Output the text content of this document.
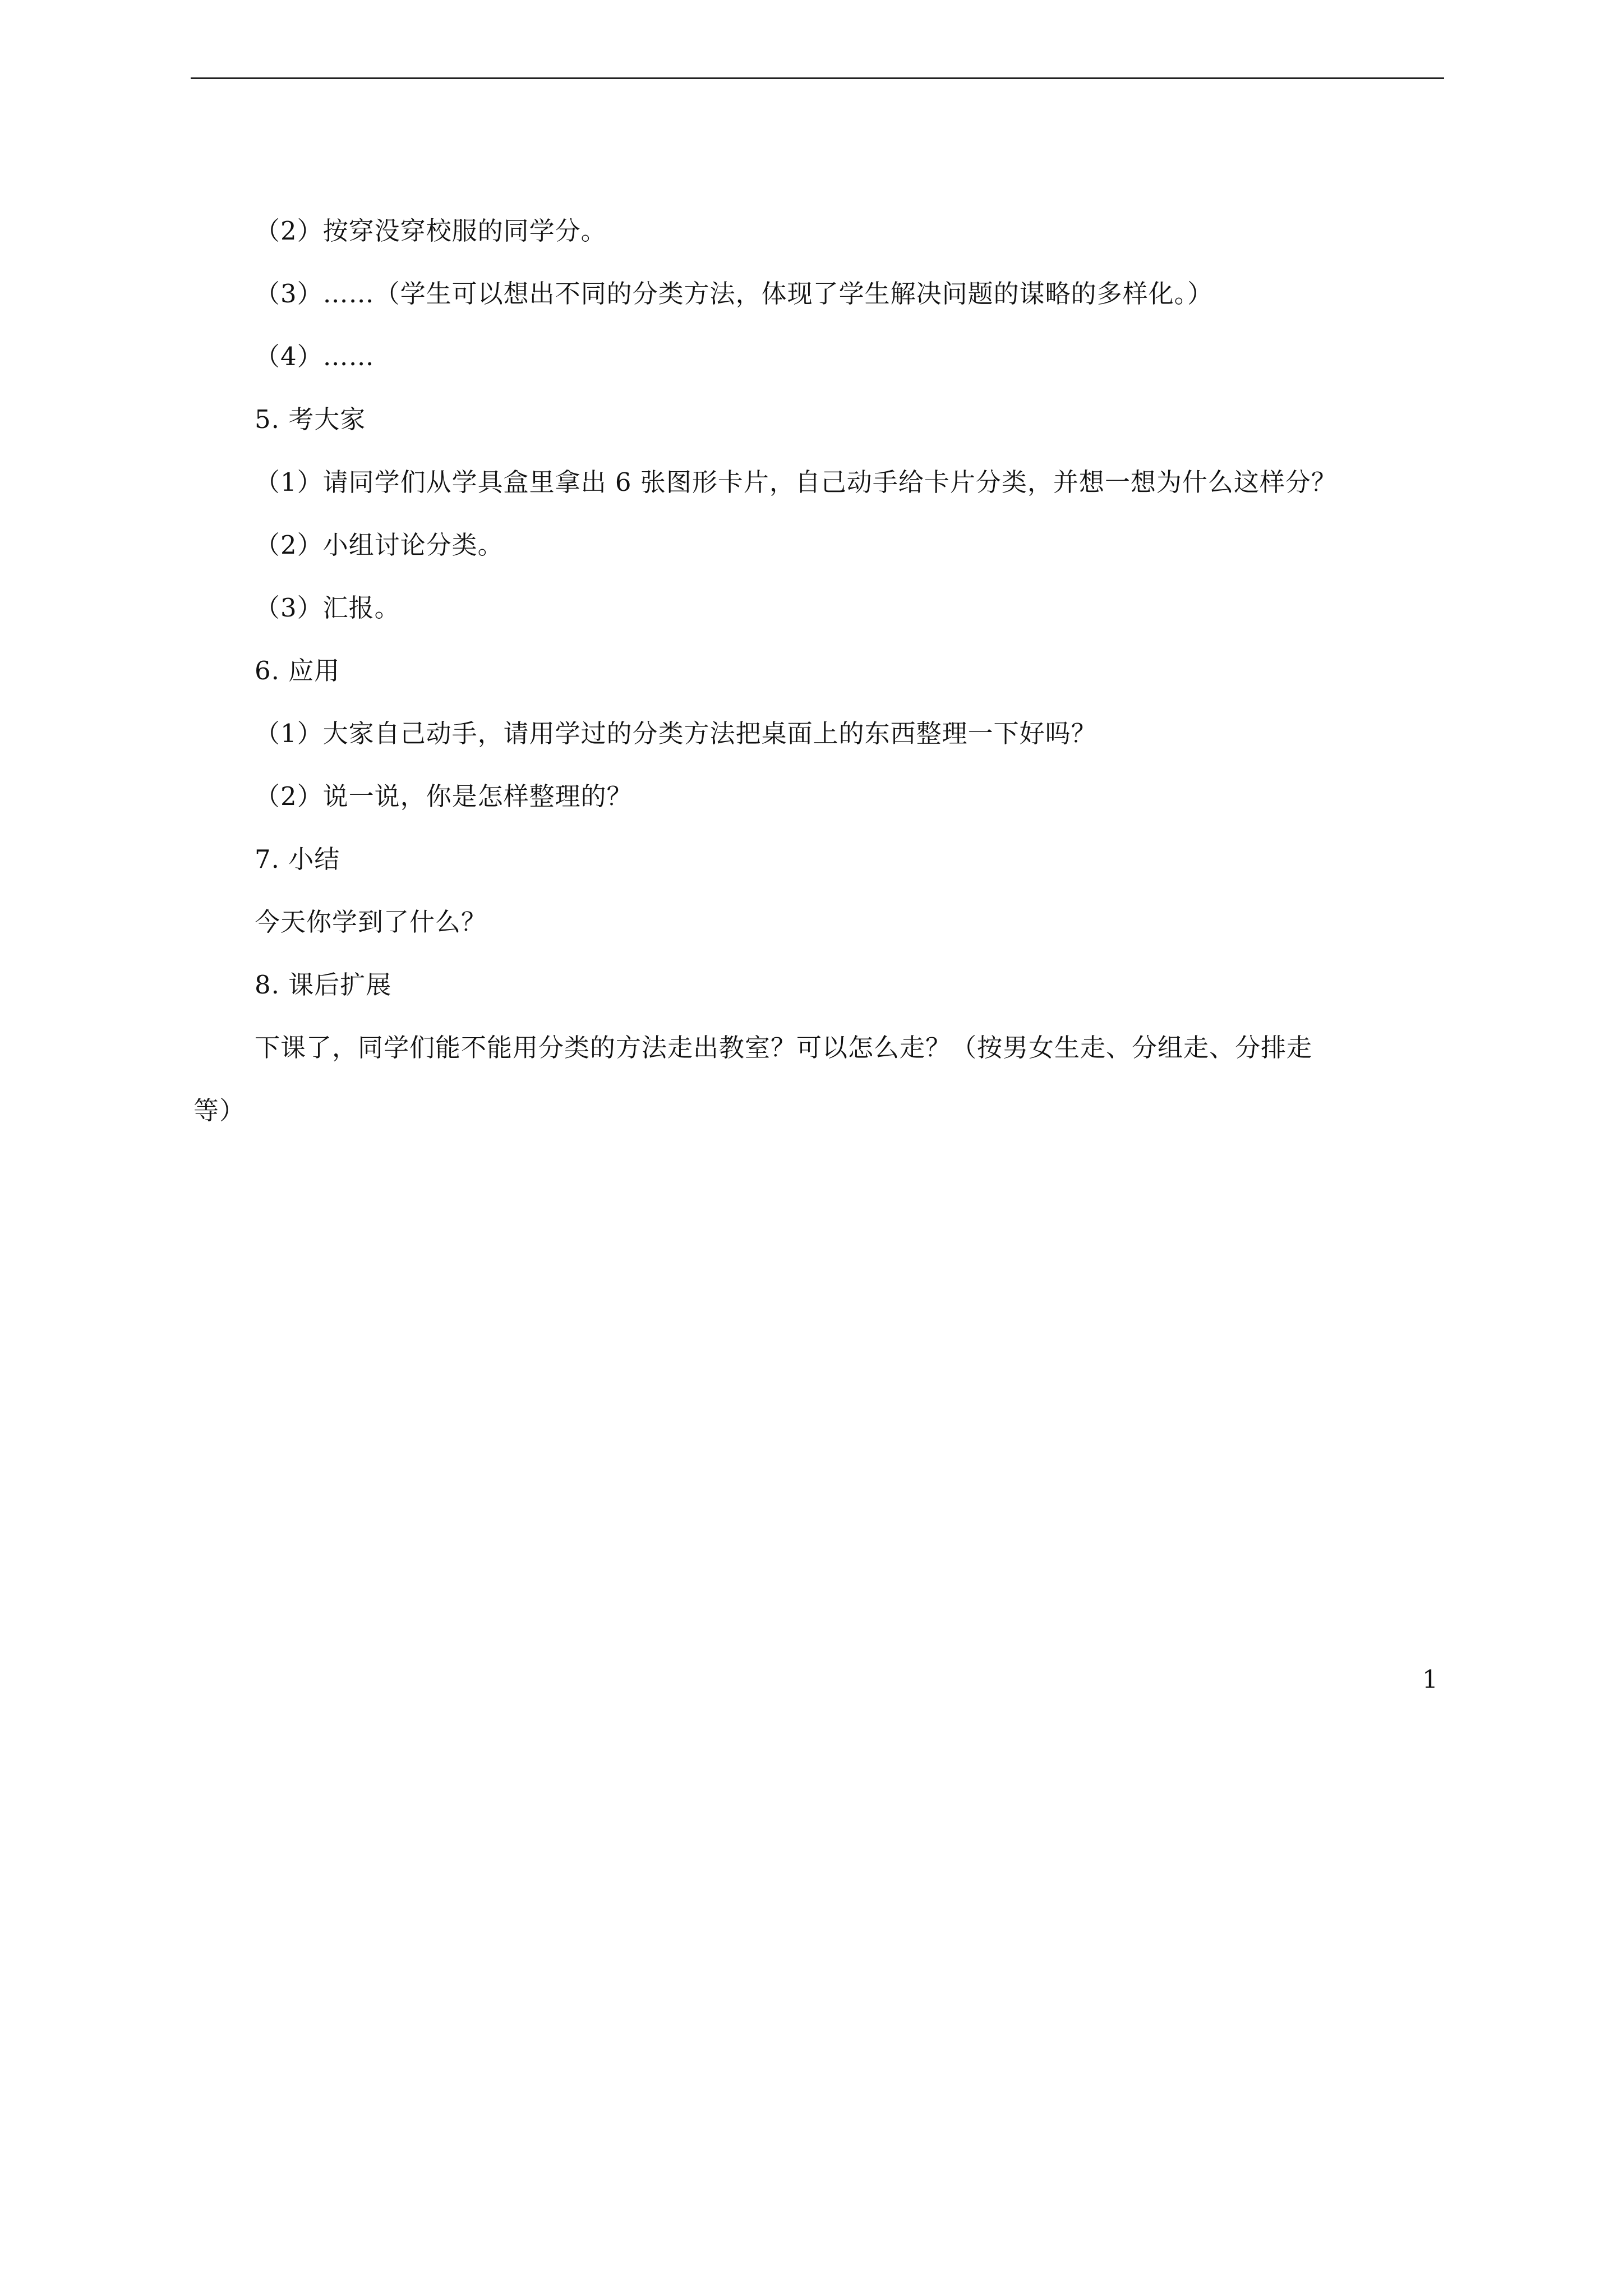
（2）按穿没穿校服的同学分。
（3）……（学生可以想出不同的分类方法，体现了学生解决问题的谋略的多样化。）
（4）……
5. 考大家
（1）请同学们从学具盒里拿出 6 张图形卡片，自己动手给卡片分类，并想一想为什么这样分？
（2）小组讨论分类。
（3）汇报。
6. 应用
（1）大家自己动手，请用学过的分类方法把桌面上的东西整理一下好吗？
（2）说一说，你是怎样整理的？
7. 小结
今天你学到了什么？
8. 课后扩展
下课了，同学们能不能用分类的方法走出教室？可以怎么走？（按男女生走、分组走、分排走
等）
1
